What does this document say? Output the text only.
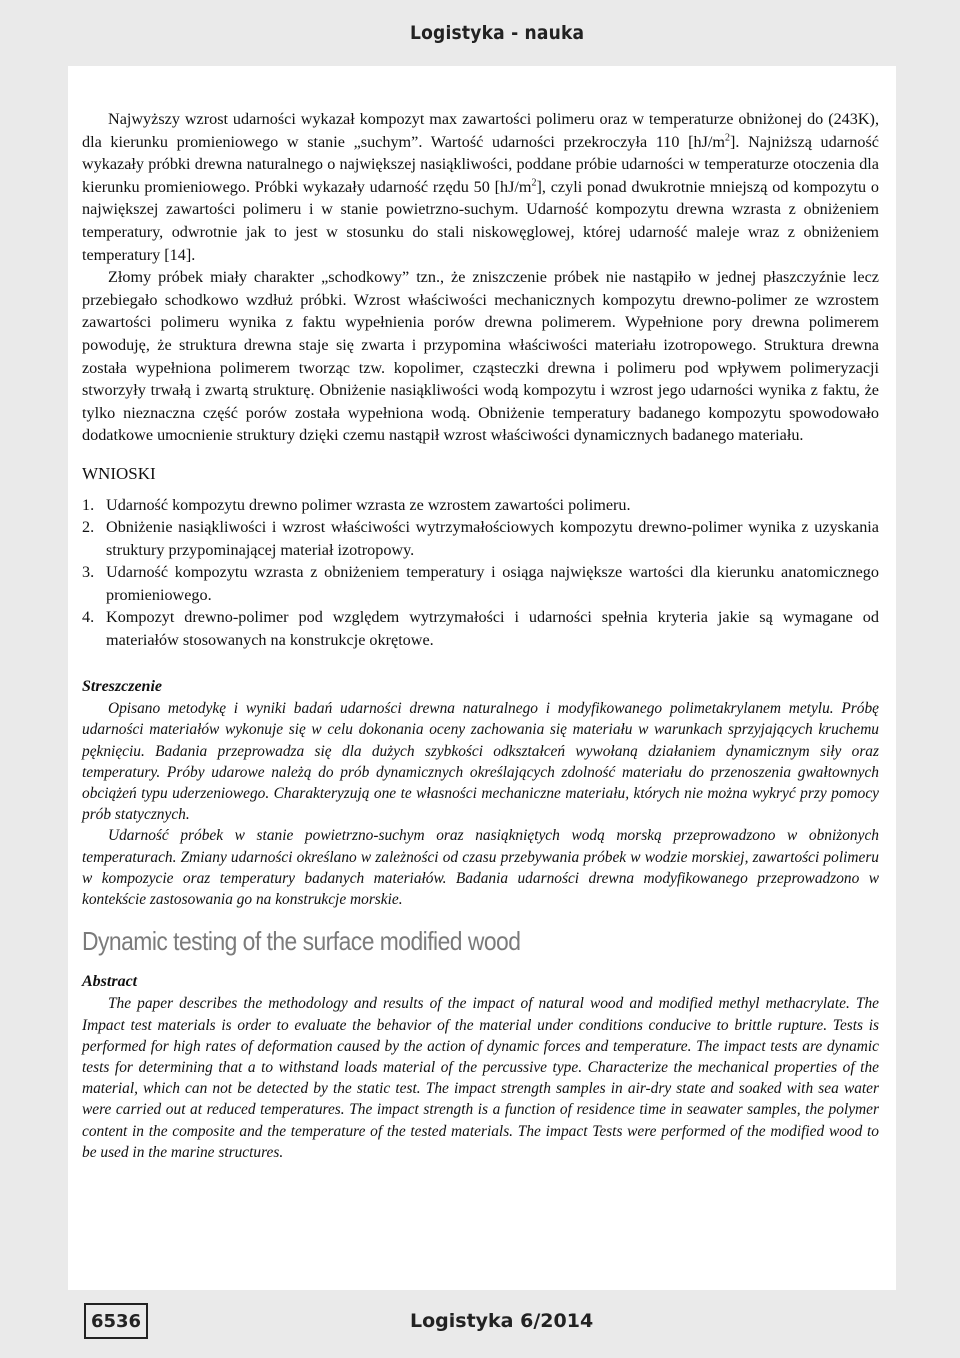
Logistyka - nauka

Najwyższy wzrost udarności wykazał kompozyt max zawartości polimeru oraz w temperaturze obniżonej do (243K), dla kierunku promieniowego w stanie „suchym”. Wartość udarności przekroczyła 110 $[hJ/m^2]$. Najniższą udarność wykazały próbki drewna naturalnego o największej nasiąkliwości, poddane próbie udarności w temperaturze otoczenia dla kierunku promieniowego. Próbki wykazały udarność rzędu 50 $[hJ/m^2]$, czyli ponad dwukrotnie mniejszą od kompozytu o największej zawartości polimeru i w stanie powietrzno-suchym. Udarność kompozytu drewna wzrasta z obniżeniem temperatury, odwrotnie jak to jest w stosunku do stali niskowęglowej, której udarność maleje wraz z obniżeniem temperatury [14].

Złomy próbek miały charakter „schodkowy” tzn., że zniszczenie próbek nie nastąpiło w jednej płaszczyźnie lecz przebiegało schodkowo wzdłuż próbki. Wzrost właściwości mechanicznych kompozytu drewno-polimer ze wzrostem zawartości polimeru wynika z faktu wypełnienia porów drewna polimerem. Wypełnione pory drewna polimerem powoduję, że struktura drewna staje się zwarta i przypomina właściwości materiału izotropowego. Struktura drewna została wypełniona polimerem tworząc tzw. kopolimer, cząsteczki drewna i polimeru pod wpływem polimeryzacji stworzyły trwałą i zwartą strukturę. Obniżenie nasiąkliwości wodą kompozytu i wzrost jego udarności wynika z faktu, że tylko nieznaczna część porów została wypełniona wodą. Obniżenie temperatury badanego kompozytu spowodowało dodatkowe umocnienie struktury dzięki czemu nastąpił wzrost właściwości dynamicznych badanego materiału.

WNIOSKI
1. Udarność kompozytu drewno polimer wzrasta ze wzrostem zawartości polimeru.
2. Obniżenie nasiąkliwości i wzrost właściwości wytrzymałościowych kompozytu drewno-polimer wynika z uzyskania struktury przypominającej materiał izotropowy.
3. Udarność kompozytu wzrasta z obniżeniem temperatury i osiąga największe wartości dla kierunku anatomicznego promieniowego.
4. Kompozyt drewno-polimer pod względem wytrzymałości i udarności spełnia kryteria jakie są wymagane od materiałów stosowanych na konstrukcje okrętowe.
Streszczenie

Opisano metodykę i wyniki badań udarności drewna naturalnego i modyfikowanego polimetakrylanem metylu. Próbę udarności materiałów wykonuje się w celu dokonania oceny zachowania się materiału w warunkach sprzyjających kruchemu pęknięciu. Badania przeprowadza się dla dużych szybkości odkształceń wywołaną działaniem dynamicznym siły oraz temperatury. Próby udarowe należą do prób dynamicznych określających zdolność materiału do przenoszenia gwałtownych obciążeń typu uderzeniowego. Charakteryzują one te własności mechaniczne materiału, których nie można wykryć przy pomocy prób statycznych.

Udarność próbek w stanie powietrzno-suchym oraz nasiąkniętych wodą morską przeprowadzono w obniżonych temperaturach. Zmiany udarności określano w zależności od czasu przebywania próbek w wodzie morskiej, zawartości polimeru w kompozycie oraz temperatury badanych materiałów. Badania udarności drewna modyfikowanego przeprowadzono w kontekście zastosowania go na konstrukcje morskie.

Dynamic testing of the surface modified wood
Abstract

The paper describes the methodology and results of the impact of natural wood and modified methyl methacrylate. The Impact test materials is order to evaluate the behavior of the material under conditions conducive to brittle rupture. Tests is performed for high rates of deformation caused by the action of dynamic forces and temperature. The impact tests are dynamic tests for determining that a to withstand loads material of the percussive type. Characterize the mechanical properties of the material, which can not be detected by the static test. The impact strength samples in air-dry state and soaked with sea water were carried out at reduced temperatures. The impact strength is a function of residence time in seawater samples, the polymer content in the composite and the temperature of the tested materials. The impact Tests were performed of the modified wood to be used in the marine structures.

6536	Logistyka 6/2014
